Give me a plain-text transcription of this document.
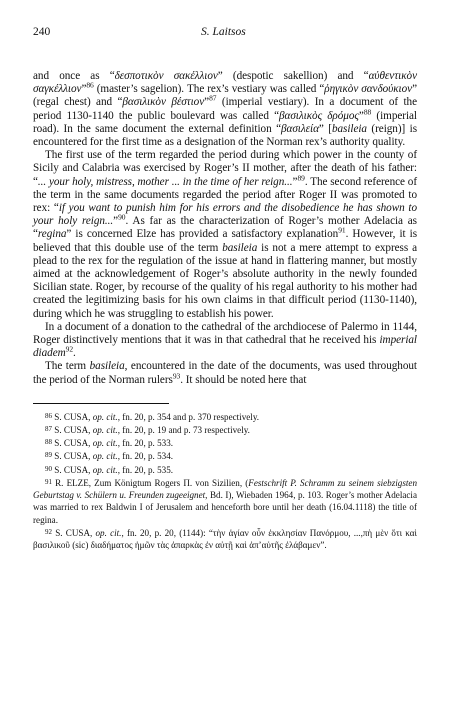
240	S. Laitsos

and once as “δεσποτικὸν σακέλλιον” (despotic sakellion) and “αὐθεντικὸν σαγκέλλιον”$^{86}$ (master’s sagelion). The rex’s vestiary was called “ῥηγικὸν σανδούκιον” (regal chest) and “βασιλικὸν βέστιον”$^{87}$ (imperial vestiary). In a document of the period 1130-1140 the public boulevard was called “βασιλικὸς δρόμος”$^{88}$ (imperial road). In the same document the external definition “βασιλεία” [basileia (reign)] is encountered for the first time as a designation of the Norman rex’s authority quality.

The first use of the term regarded the period during which power in the county of Sicily and Calabria was exercised by Roger’s II mother, after the death of his father: “... your holy, mistress, mother ... in the time of her reign...”$^{89}$. The second reference of the term in the same documents regarded the period after Roger II was promoted to rex: “if you want to punish him for his errors and the disobedience he has shown to your holy reign...”$^{90}$. As far as the characterization of Roger’s mother Adelacia as “regina” is concerned Elze has provided a satisfactory explanation$^{91}$. However, it is believed that this double use of the term basileia is not a mere attempt to express a plead to the rex for the regulation of the issue at hand in flattering manner, but mostly aimed at the acknowledgement of Roger’s absolute authority in the newly founded Sicilian state. Roger, by recourse of the quality of his regal authority to his mother had created the legitimizing basis for his own claims in that difficult period (1130-1140), during which he was struggling to establish his power.

In a document of a donation to the cathedral of the archdiocese of Palermo in 1144, Roger distinctively mentions that it was in that cathedral that he received his imperial diadem$^{92}$.

The term basileia, encountered in the date of the documents, was used throughout the period of the Norman rulers$^{93}$. It should be noted here that

$^{86}$ S. CUSA, op. cit., fn. 20, p. 354 and p. 370 respectively.

$^{87}$ S. CUSA, op. cit., fn. 20, p. 19 and p. 73 respectively.

$^{88}$ S. CUSA, op. cit., fn. 20, p. 533.

$^{89}$ S. CUSA, op. cit., fn. 20, p. 534.

$^{90}$ S. CUSA, op. cit., fn. 20, p. 535.

$^{91}$ R. ELZE, Zum Königtum Rogers Π. von Sizilien, (Festschrift P. Schramm zu seinem siebzigsten Geburtstag v. Schülern u. Freunden zugeeignet, Bd. I), Wiebaden 1964, p. 103. Roger’s mother Adelacia was married to rex Baldwin I of Jerusalem and henceforth bore until her death (16.04.1118) the title of regina.

$^{92}$ S. CUSA, op. cit., fn. 20, p. 20, (1144): “τὴν ἁγίαν οὖν ἐκκλησίαν Πανόρμου, ...,πὴ μὲν ὅτι καὶ βασιλικοῦ (sic) διαδήματος ἡμῶν τὰς ἀπαρκὰς ἐν αὐτῇ καὶ ἀπ’αὐτῆς ἐλάβαμεν”.
